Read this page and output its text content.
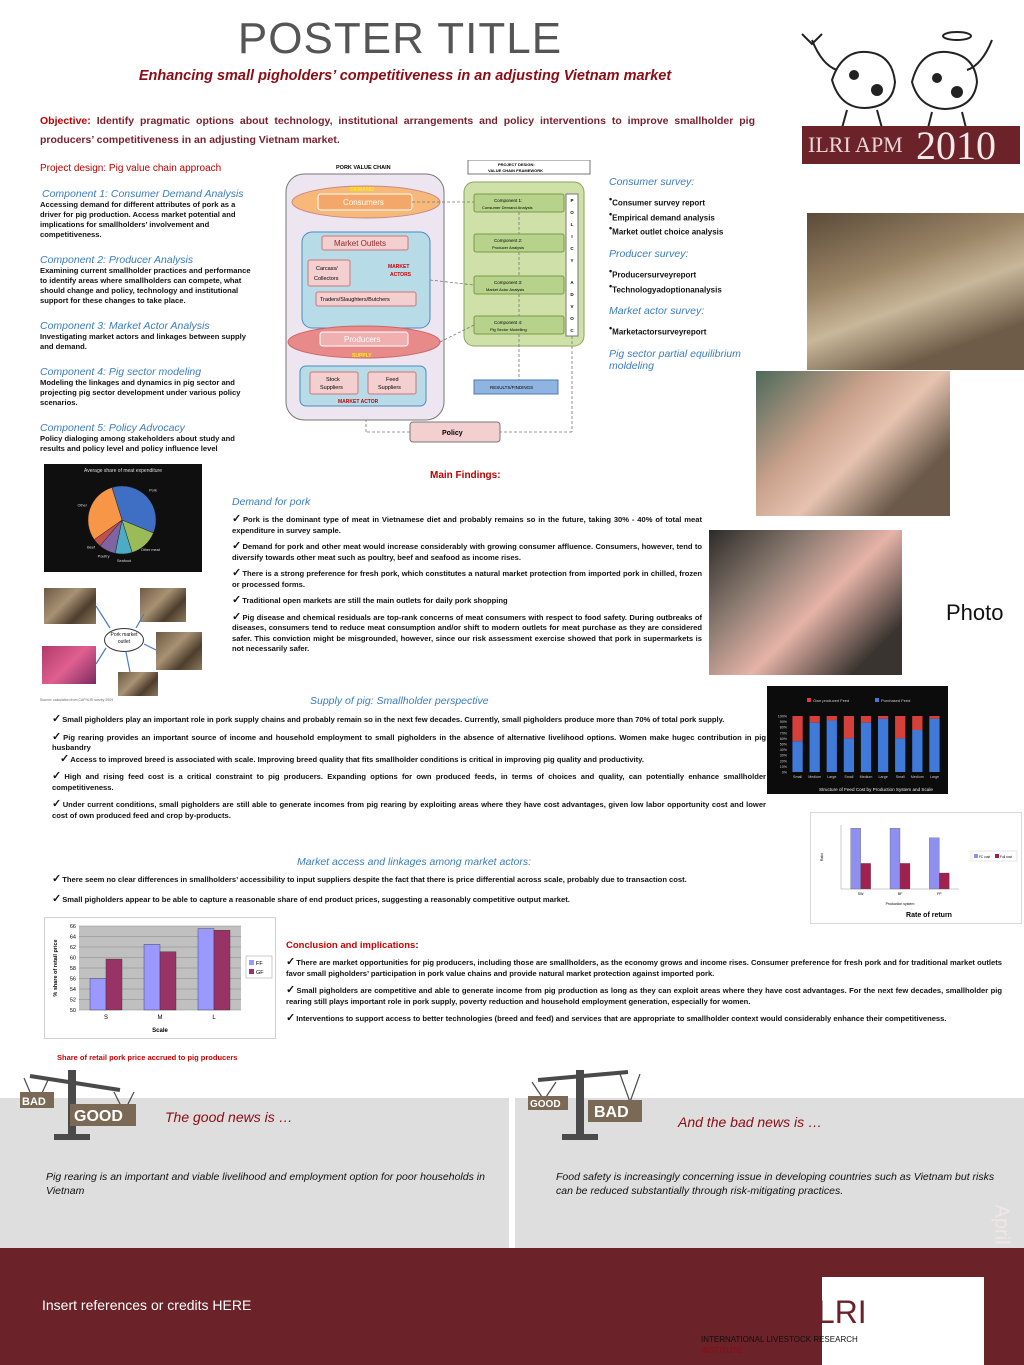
POSTER TITLE
Enhancing small pigholders’ competitiveness in an adjusting Vietnam market
Objective: Identify pragmatic options about technology, institutional arrangements and policy interventions to improve smallholder pig producers’ competitiveness in an adjusting Vietnam market.	ILRI APM 2010
Project design: Pig value chain approach
Component 1: Consumer Demand Analysis
Accessing demand for different attributes of pork as a driver for pig production. Access market potential and implications for smallholders’ involvement and competitiveness.
Component 2: Producer Analysis
Examining current smallholder practices and performance to identify areas where smallholders can compete, what should change and policy, technology and institutional support for these changes to take place.
Component 3: Market Actor Analysis
Investigating market actors and linkages between supply and demand.
Component 4: Pig sector modeling
Modeling the linkages and dynamics in pig sector and projecting pig sector development under various policy scenarios.
Component 5: Policy Advocacy
Policy dialoging among stakeholders about study and results and policy level and policy influence level
Average share of meat expenditure
Pork
Other meat
Seafood
Poultry
Beef
Other
Pork market outlet
Source: calculation from CAP/ILRI survey 2009
PORK VALUE CHAIN
DEMAND
Consumers
Market Outlets
Carcass/
Collectors
MARKET
ACTORS
Traders/Slaughters/Butchers
Producers
SUPPLY
Stock
Suppliers
Feed
Suppliers
MARKET ACTOR
PROJECT DESIGN:
VALUE CHAIN FRAMEWORK
Component 1:
Consumer Demand Analysis
Component 2:
Producer Analysis
Component 3:
Market Actor Analysis
Component 4:
Pig Sector Modelling
P
O
L
I
C
Y
A
D
V
O
C
RESULTS/FINDINGS
Policy
Consumer survey:
•Consumer survey report
•Empirical demand analysis
•Market outlet choice analysis
Producer survey:
•Producersurveyreport
•Technologyadoptionanalysis
Market actor survey:
•Marketactorsurveyreport
Pig sector partial equilibrium moldeling
Photo
Main Findings:
Demand for pork
✓Pork is the dominant type of meat in Vietnamese diet and probably remains so in the future, taking 30% - 40% of total meat expenditure in survey sample.
✓Demand for pork and other meat would increase considerably with growing consumer affluence. Consumers, however, tend to diversify towards other meat such as poultry, beef and seafood as income rises.
✓There is a strong preference for fresh pork, which constitutes a natural market protection from imported pork in chilled, frozen or processed forms.
✓Traditional open markets are still the main outlets for daily pork shopping
✓Pig disease and chemical residuals are top-rank concerns of meat consumers with respect to food safety. During outbreaks of diseases, consumers tend to reduce meat consumption and/or shift to modern outlets for meat purchase as they are considered safer. This conviction might be misgrounded, however, since our risk assessment exercise showed that pork in supermarkets is not necessarily safer.
Supply of pig: Smallholder perspective
✓Small pigholders play an important role in pork supply chains and probably remain so in the next few decades. Currently, small pigholders produce more than 70% of total pork supply.
✓Pig rearing provides an important source of income and household employment to small pigholders in the absence of alternative livelihood options. Women make hugec contribution in pig husbandry
✓Access to improved breed is associated with scale. Improving breed quality that fits smallholder conditions is critical in improving pig quality and productivity.
✓High and rising feed cost is a critical constraint to pig producers. Expanding options for own produced feeds, in terms of choices and quality, can potentially enhance smallholder competitiveness.
✓Under current conditions, small pigholders are still able to generate incomes from pig rearing by exploiting areas where they have cost advantages, given low labor opportunity cost and lower cost of own produced feed and crop by-products.
Own produced Feed	Purchased Feed
100%
90%
80%
70%
60%
50%
40%
30%
20%
10%
0%
Small Medium Large Small Medium Large Small Medium Large
Structure of Feed Cost by Production System and Scale
SW	BF	FP
Production system
Ratio	FC cost	Full cost
Rate of return
Market access and linkages among market actors:
✓There seem no clear differences in smallholders’ accessibility to input suppliers despite the fact that there is price differential across scale, probably due to transaction cost.
✓Small pigholders appear to be able to capture a reasonable share of end product prices, suggesting a reasonably competitive output market.
50
52
54
56
58
60
62
64
66
S	M	L
Scale
% share of retail price	FF
GF
Share of retail pork price accrued to pig producers
Conclusion and implications:
✓There are market opportunities for pig producers, including those are smallholders, as the economy grows and income rises. Consumer preference for fresh pork and for traditional market outlets favor small pigholders’ participation in pork value chains and provide natural market protection against imported pork.
✓Small pigholders are competitive and able to generate income from pig production as long as they can exploit areas where they have cost advantages. For the next few decades, smallholder pig rearing still plays important role in pork supply, poverty reduction and household employment generation, especially for women.
✓Interventions to support access to better technologies (breed and feed) and services that are appropriate to smallholder context would considerably enhance their competitiveness.
BAD
GOOD
GOOD BAD
The good news is …	And the bad news is …
Pig rearing is an important and viable livelihood and employment option for poor households in Vietnam
Food safety is increasingly concerning issue in developing countries such as Vietnam but risks can be reduced substantially through risk-mitigating practices.
Insert references or credits HERE	ILRI
INTERNATIONAL LIVESTOCK RESEARCH
INSTITUTE
